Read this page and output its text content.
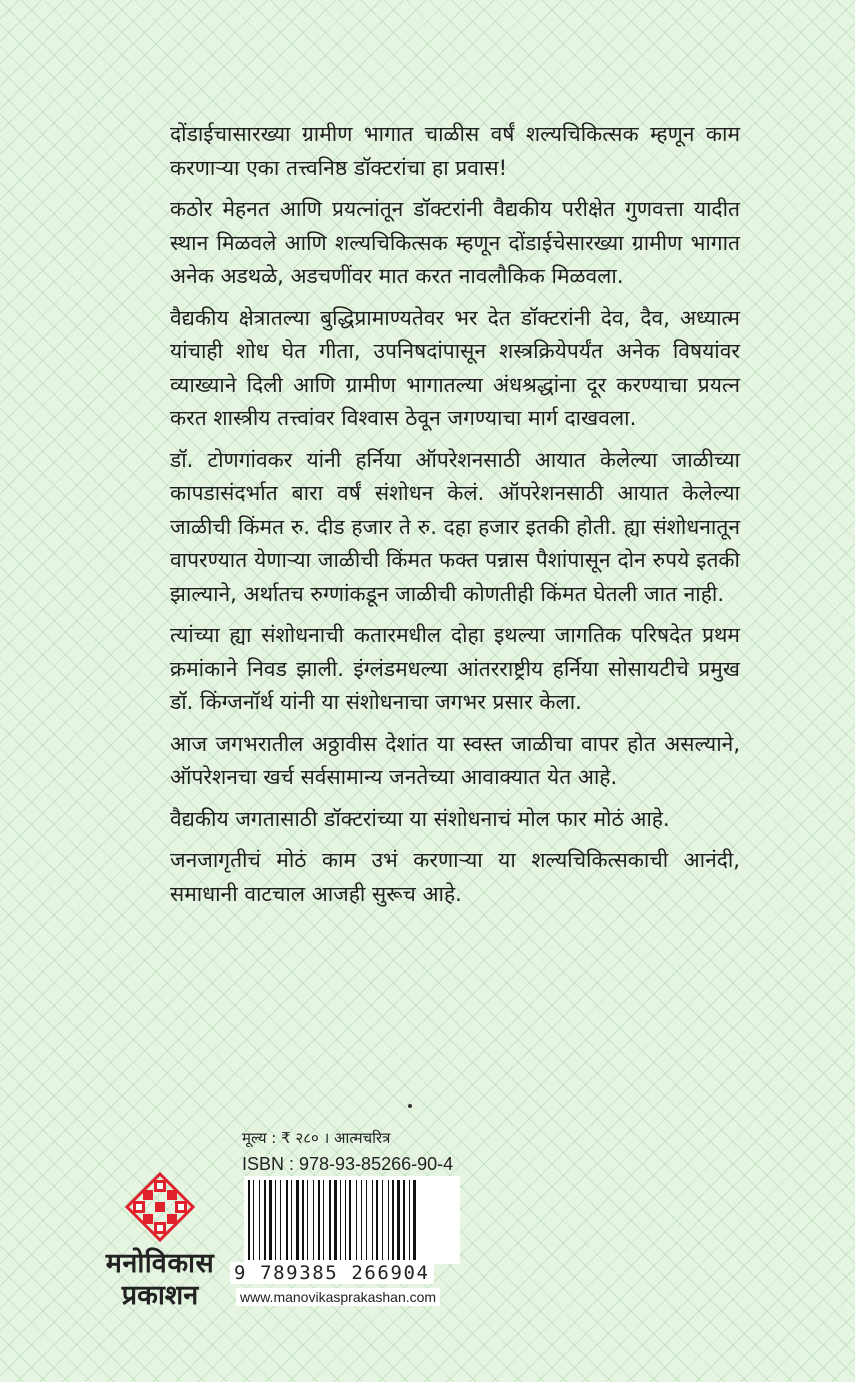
दोंडाईचासारख्या ग्रामीण भागात चाळीस वर्षं शल्यचिकित्सक म्हणून काम करणाऱ्या एका तत्त्वनिष्ठ डॉक्टरांचा हा प्रवास!

कठोर मेहनत आणि प्रयत्नांतून डॉक्टरांनी वैद्यकीय परीक्षेत गुणवत्ता यादीत स्थान मिळवले आणि शल्यचिकित्सक म्हणून दोंडाईचेसारख्या ग्रामीण भागात अनेक अडथळे, अडचणींवर मात करत नावलौकिक मिळवला.

वैद्यकीय क्षेत्रातल्या बुद्धिप्रामाण्यतेवर भर देत डॉक्टरांनी देव, दैव, अध्यात्म यांचाही शोध घेत गीता, उपनिषदांपासून शस्त्रक्रियेपर्यंत अनेक विषयांवर व्याख्याने दिली आणि ग्रामीण भागातल्या अंधश्रद्धांना दूर करण्याचा प्रयत्न करत शास्त्रीय तत्त्वांवर विश्वास ठेवून जगण्याचा मार्ग दाखवला.

डॉ. टोणगांवकर यांनी हर्निया ऑपरेशनसाठी आयात केलेल्या जाळीच्या कापडासंदर्भात बारा वर्षं संशोधन केलं. ऑपरेशनसाठी आयात केलेल्या जाळीची किंमत रु. दीड हजार ते रु. दहा हजार इतकी होती. ह्या संशोधनातून वापरण्यात येणाऱ्या जाळीची किंमत फक्त पन्नास पैशांपासून दोन रुपये इतकी झाल्याने, अर्थातच रुग्णांकडून जाळीची कोणतीही किंमत घेतली जात नाही.

त्यांच्या ह्या संशोधनाची कतारमधील दोहा इथल्या जागतिक परिषदेत प्रथम क्रमांकाने निवड झाली. इंग्लंडमधल्या आंतरराष्ट्रीय हर्निया सोसायटीचे प्रमुख डॉ. किंग्जनॉर्थ यांनी या संशोधनाचा जगभर प्रसार केला.

आज जगभरातील अठ्ठावीस देशांत या स्वस्त जाळीचा वापर होत असल्याने, ऑपरेशनचा खर्च सर्वसामान्य जनतेच्या आवाक्यात येत आहे.

वैद्यकीय जगतासाठी डॉक्टरांच्या या संशोधनाचं मोल फार मोठं आहे.

जनजागृतीचं मोठं काम उभं करणाऱ्या या शल्यचिकित्सकाची आनंदी, समाधानी वाटचाल आजही सुरूच आहे.

मनोविकास
प्रकाशन
मूल्य : ₹ २८० । आत्मचरित्र
ISBN : 978-93-85266-90-4
9 789385 266904
www.manovikasprakashan.com
